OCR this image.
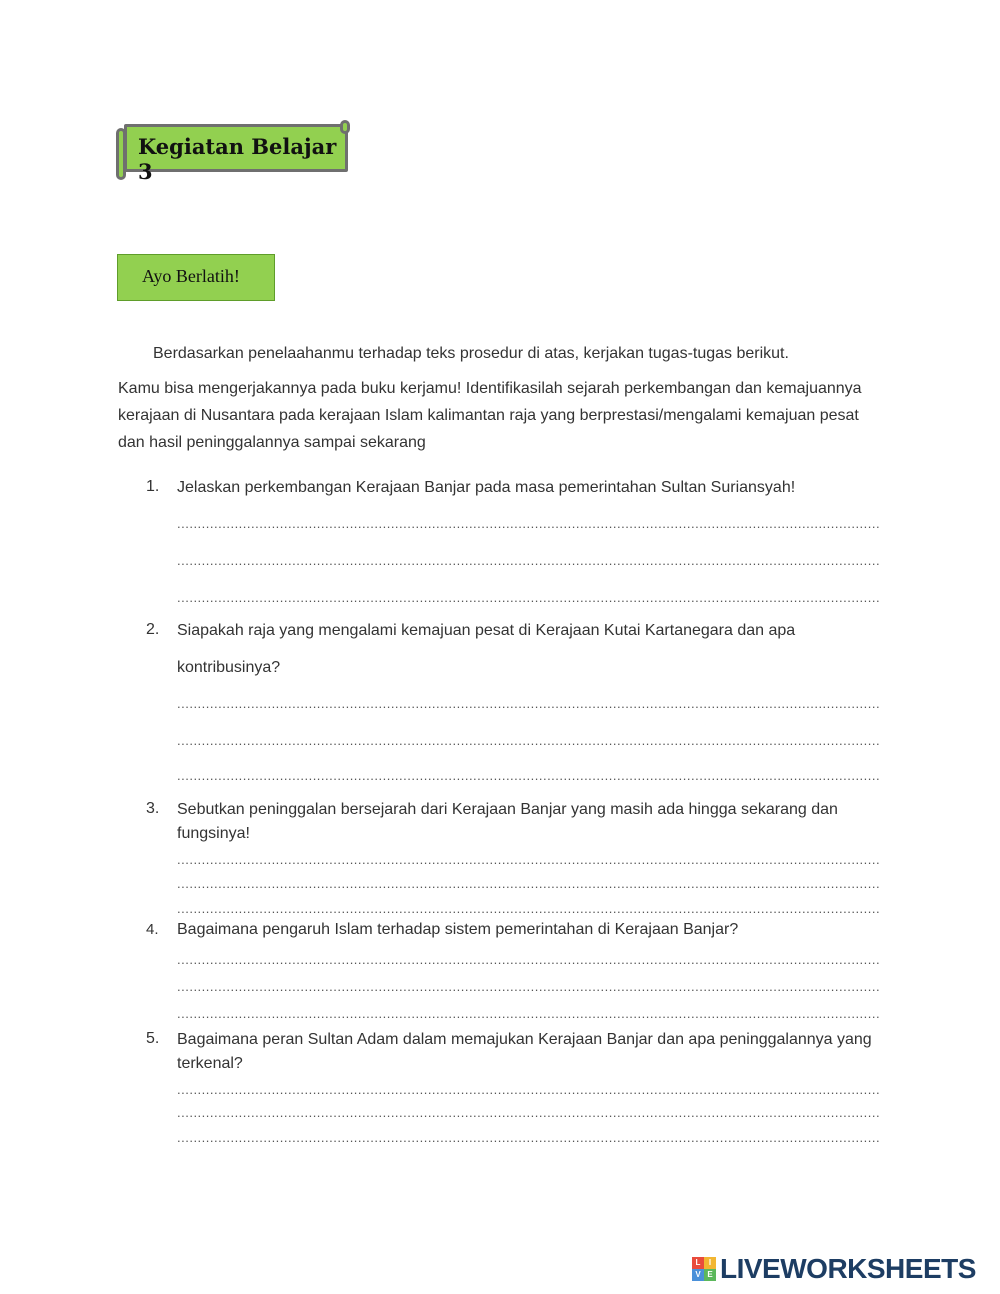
Kegiatan Belajar 3
Ayo Berlatih!
Berdasarkan penelaahanmu terhadap teks prosedur di atas, kerjakan tugas-tugas berikut.
Kamu bisa mengerjakannya pada buku kerjamu! Identifikasilah sejarah perkembangan dan kemajuannya kerajaan di Nusantara pada kerajaan Islam kalimantan raja yang berprestasi/mengalami kemajuan pesat dan hasil peninggalannya sampai sekarang
1. Jelaskan perkembangan Kerajaan Banjar pada masa pemerintahan Sultan Suriansyah!
.....
.....
.....
2. Siapakah raja yang mengalami kemajuan pesat di Kerajaan Kutai Kartanegara dan apa
kontribusinya?
.....
.....
.....
3. Sebutkan peninggalan bersejarah dari Kerajaan Banjar yang masih ada hingga sekarang dan fungsinya!
.....
.....
.....
4. Bagaimana pengaruh Islam terhadap sistem pemerintahan di Kerajaan Banjar?
.....
.....
.....
5. Bagaimana peran Sultan Adam dalam memajukan Kerajaan Banjar dan apa peninggalannya yang terkenal?
.....
.....
.....
L	I
V E LIVEWORKSHEETS
